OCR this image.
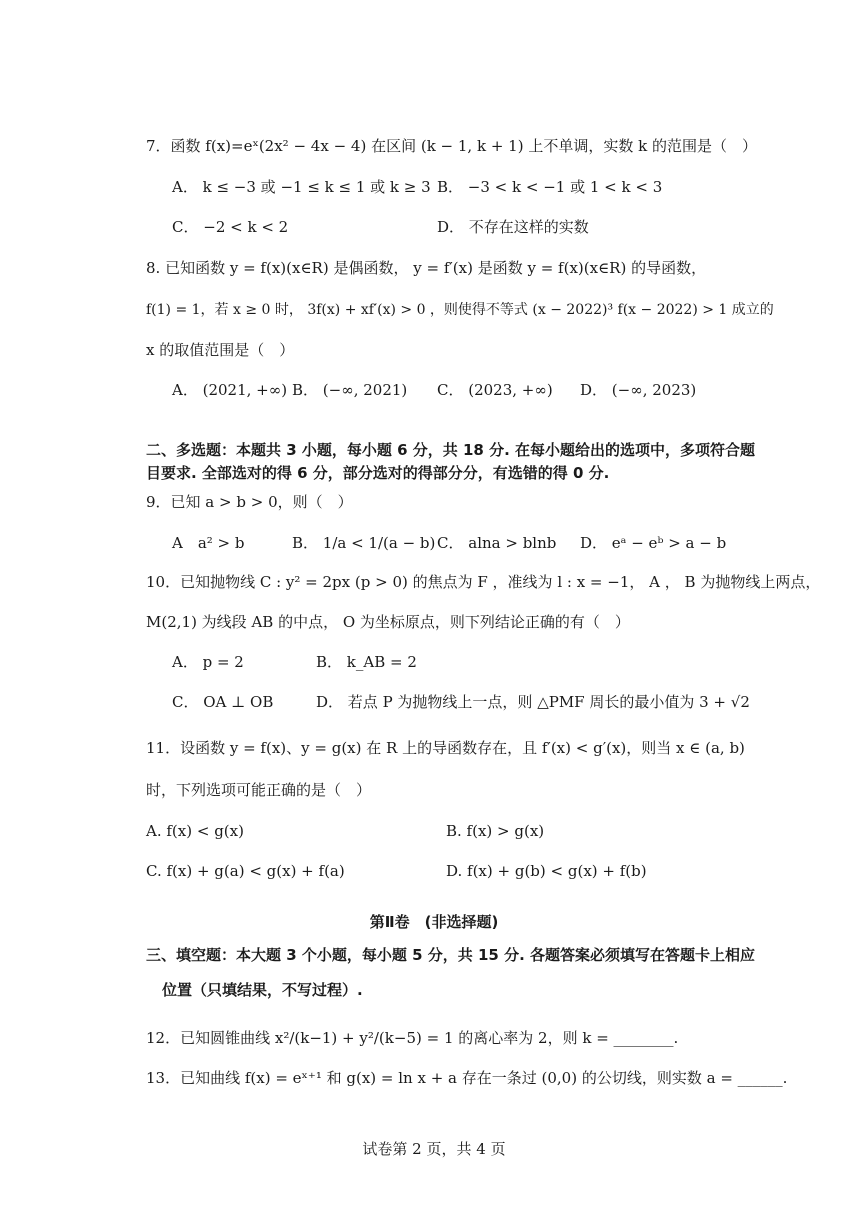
7．函数 f(x)=eˣ(2x² − 4x − 4) 在区间 (k − 1, k + 1) 上不单调，实数 k 的范围是（　）
A． k ≤ −3 或 −1 ≤ k ≤ 1 或 k ≥ 3 B． −3 < k < −1 或 1 < k < 3
C． −2 < k < 2	D． 不存在这样的实数
8. 已知函数 y = f(x)(x∈R) 是偶函数， y = f′(x) 是函数 y = f(x)(x∈R) 的导函数，
f(1) = 1，若 x ≥ 0 时， 3f(x) + xf′(x) > 0 ，则使得不等式 (x − 2022)³ f(x − 2022) > 1 成立的
x 的取值范围是（　）
A． (2021, +∞) B． (−∞, 2021) C． (2023, +∞) D． (−∞, 2023)
二、多选题：本题共 3 小题，每小题 6 分，共 18 分. 在每小题给出的选项中，多项符合题
目要求. 全部选对的得 6 分，部分选对的得部分分，有选错的得 0 分.
9．已知 a > b > 0，则（　）
A　a² > b	B． 1/a < 1/(a − b) C． alna > blnb D． eᵃ − eᵇ > a − b
10．已知抛物线 C : y² = 2px (p > 0) 的焦点为 F ，准线为 l : x = −1， A ， B 为抛物线上两点，
M(2,1) 为线段 AB 的中点， O 为坐标原点，则下列结论正确的有（　）
A． p = 2	B． k_AB = 2
C． OA ⊥ OB	D． 若点 P 为抛物线上一点，则 △PMF 周长的最小值为 3 + √2
11．设函数 y = f(x)、y = g(x) 在 R 上的导函数存在，且 f′(x) < g′(x)，则当 x ∈ (a, b)
时，下列选项可能正确的是（　）
A. f(x) < g(x)	B. f(x) > g(x)
C. f(x) + g(a) < g(x) + f(a)	D. f(x) + g(b) < g(x) + f(b)
第Ⅱ卷　(非选择题)
三、填空题：本大题 3 个小题，每小题 5 分，共 15 分. 各题答案必须填写在答题卡上相应
位置（只填结果，不写过程）.
12．已知圆锥曲线 x²/(k−1) + y²/(k−5) = 1 的离心率为 2，则 k = ________.
13．已知曲线 f(x) = eˣ⁺¹ 和 g(x) = ln x + a 存在一条过 (0,0) 的公切线，则实数 a = ______.
试卷第 2 页，共 4 页
